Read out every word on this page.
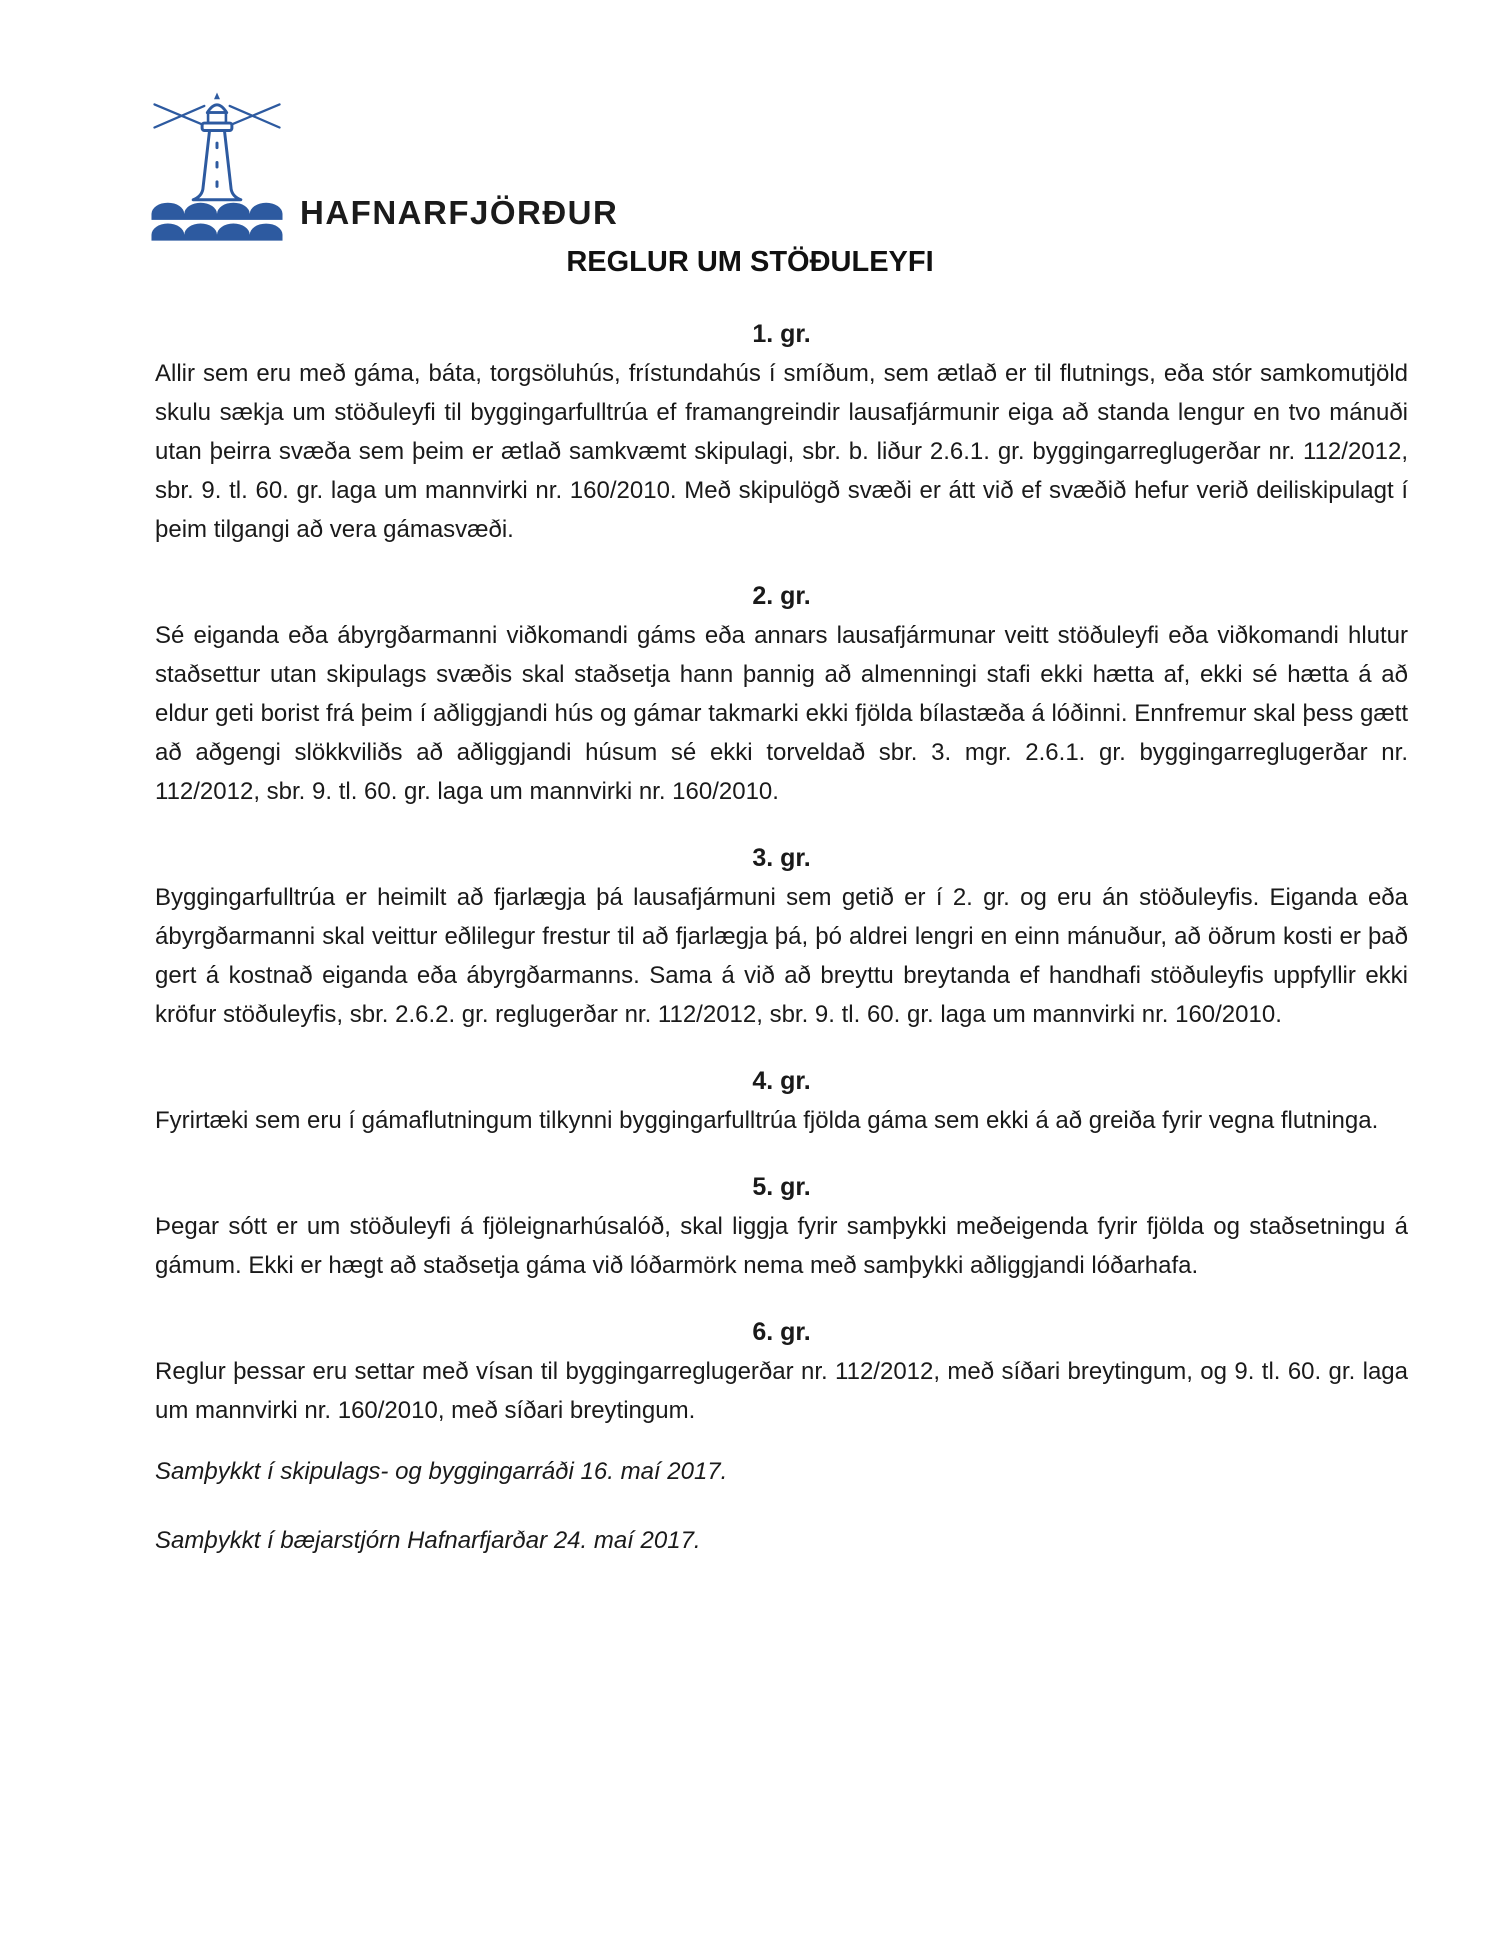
HAFNARFJÖRÐUR
REGLUR UM STÖÐULEYFI
1. gr.

Allir sem eru með gáma, báta, torgsöluhús, frístundahús í smíðum, sem ætlað er til flutnings, eða stór samkomutjöld skulu sækja um stöðuleyfi til byggingarfulltrúa ef framangreindir lausafjármunir eiga að standa lengur en tvo mánuði utan þeirra svæða sem þeim er ætlað samkvæmt skipulagi, sbr. b. liður 2.6.1. gr. byggingarreglugerðar nr. 112/2012, sbr. 9. tl. 60. gr. laga um mannvirki nr. 160/2010. Með skipulögð svæði er átt við ef svæðið hefur verið deiliskipulagt í þeim tilgangi að vera gámasvæði.

2. gr.

Sé eiganda eða ábyrgðarmanni viðkomandi gáms eða annars lausafjármunar veitt stöðuleyfi eða viðkomandi hlutur staðsettur utan skipulags svæðis skal staðsetja hann þannig að almenningi stafi ekki hætta af, ekki sé hætta á að eldur geti borist frá þeim í aðliggjandi hús og gámar takmarki ekki fjölda bílastæða á lóðinni. Ennfremur skal þess gætt að aðgengi slökkviliðs að aðliggjandi húsum sé ekki torveldað sbr. 3. mgr. 2.6.1. gr. byggingarreglugerðar nr. 112/2012, sbr. 9. tl. 60. gr. laga um mannvirki nr. 160/2010.

3. gr.

Byggingarfulltrúa er heimilt að fjarlægja þá lausafjármuni sem getið er í 2. gr. og eru án stöðuleyfis. Eiganda eða ábyrgðarmanni skal veittur eðlilegur frestur til að fjarlægja þá, þó aldrei lengri en einn mánuður, að öðrum kosti er það gert á kostnað eiganda eða ábyrgðarmanns. Sama á við að breyttu breytanda ef handhafi stöðuleyfis uppfyllir ekki kröfur stöðuleyfis, sbr. 2.6.2. gr. reglugerðar nr. 112/2012, sbr. 9. tl. 60. gr. laga um mannvirki nr. 160/2010.

4. gr.

Fyrirtæki sem eru í gámaflutningum tilkynni byggingarfulltrúa fjölda gáma sem ekki á að greiða fyrir vegna flutninga.

5. gr.

Þegar sótt er um stöðuleyfi á fjöleignarhúsalóð, skal liggja fyrir samþykki meðeigenda fyrir fjölda og staðsetningu á gámum. Ekki er hægt að staðsetja gáma við lóðarmörk nema með samþykki aðliggjandi lóðarhafa.

6. gr.

Reglur þessar eru settar með vísan til byggingarreglugerðar nr. 112/2012, með síðari breytingum, og 9. tl. 60. gr. laga um mannvirki nr. 160/2010, með síðari breytingum.

Samþykkt í skipulags- og byggingarráði 16. maí 2017.

Samþykkt í bæjarstjórn Hafnarfjarðar 24. maí 2017.
